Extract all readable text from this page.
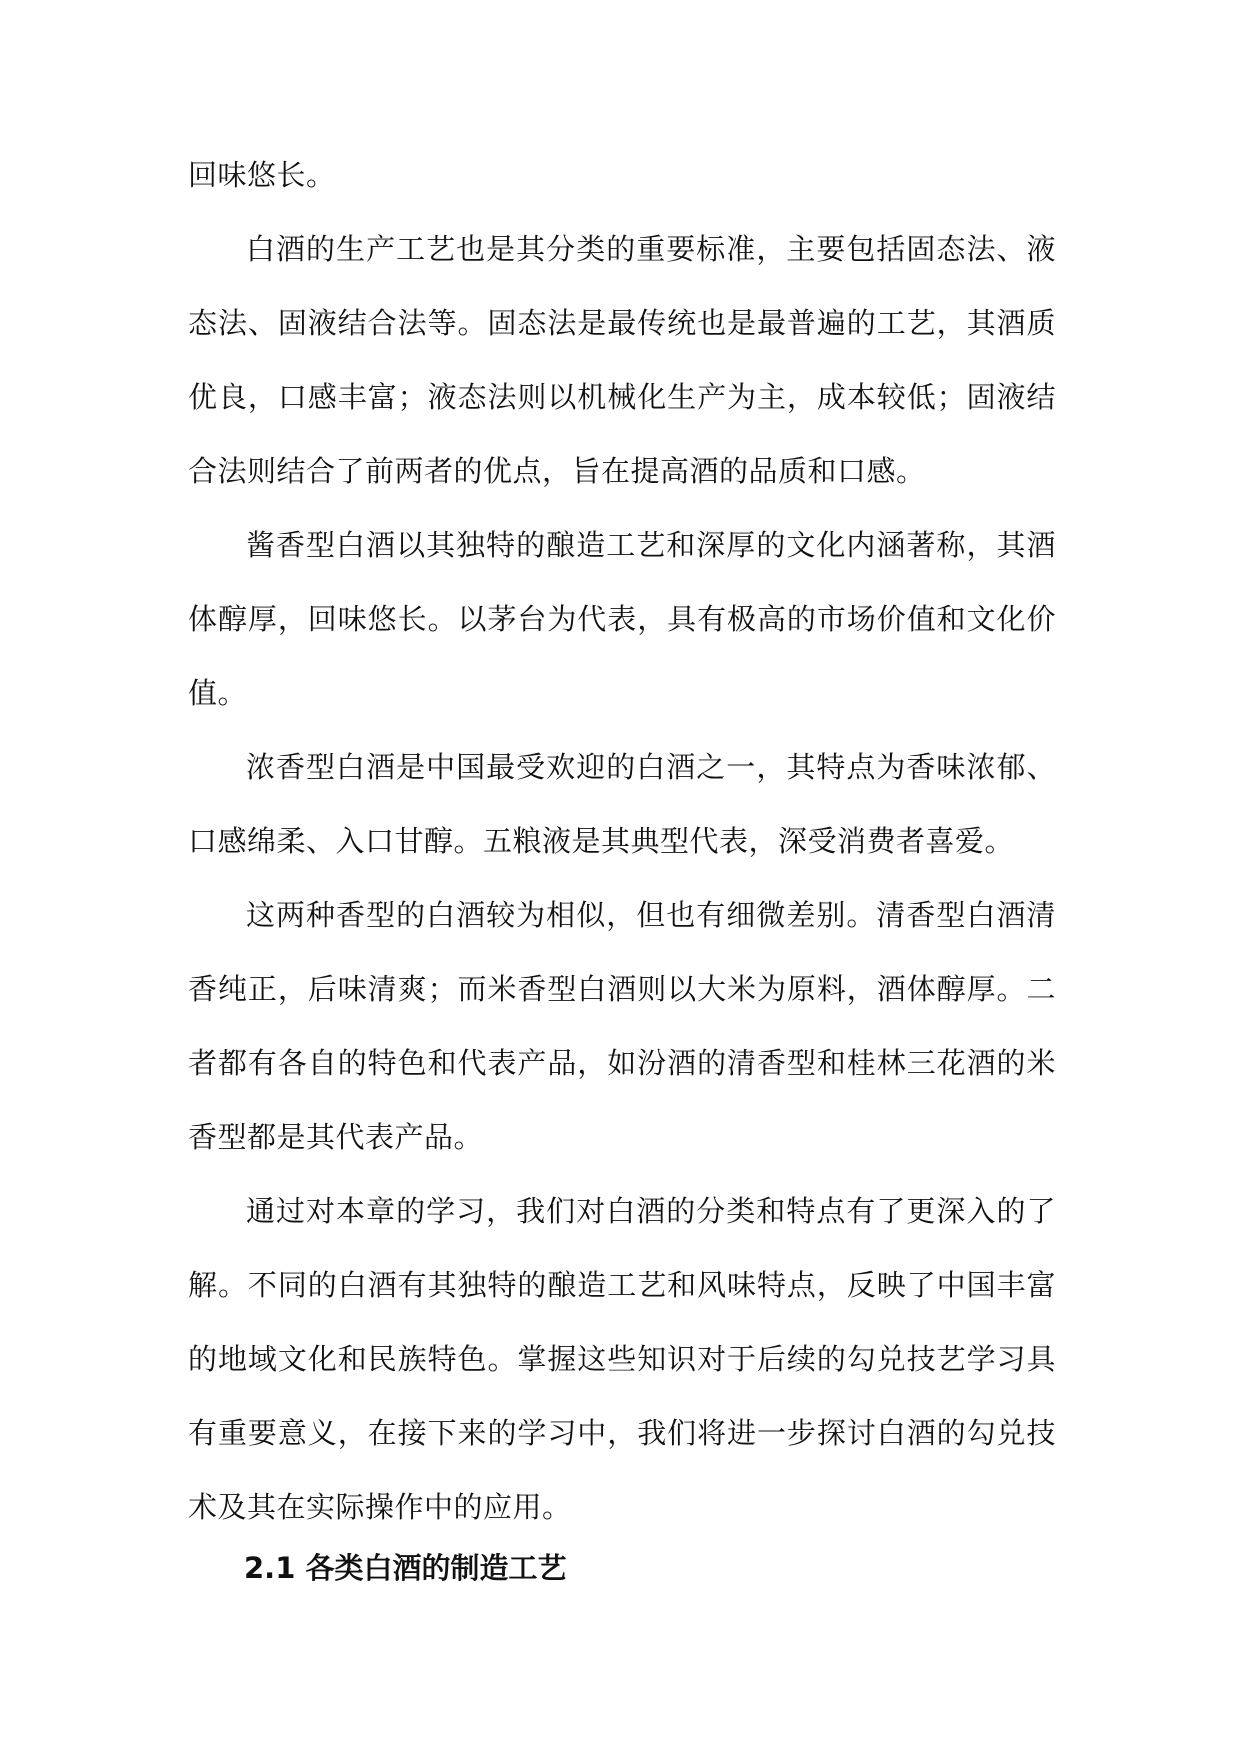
回味悠长。

白酒的生产工艺也是其分类的重要标准，主要包括固态法、液态法、固液结合法等。固态法是最传统也是最普遍的工艺，其酒质优良，口感丰富；液态法则以机械化生产为主，成本较低；固液结合法则结合了前两者的优点，旨在提高酒的品质和口感。

酱香型白酒以其独特的酿造工艺和深厚的文化内涵著称，其酒体醇厚，回味悠长。以茅台为代表，具有极高的市场价值和文化价值。

浓香型白酒是中国最受欢迎的白酒之一，其特点为香味浓郁、口感绵柔、入口甘醇。五粮液是其典型代表，深受消费者喜爱。

这两种香型的白酒较为相似，但也有细微差别。清香型白酒清香纯正，后味清爽；而米香型白酒则以大米为原料，酒体醇厚。二者都有各自的特色和代表产品，如汾酒的清香型和桂林三花酒的米香型都是其代表产品。

通过对本章的学习，我们对白酒的分类和特点有了更深入的了解。不同的白酒有其独特的酿造工艺和风味特点，反映了中国丰富的地域文化和民族特色。掌握这些知识对于后续的勾兑技艺学习具有重要意义，在接下来的学习中，我们将进一步探讨白酒的勾兑技术及其在实际操作中的应用。

2.1 各类白酒的制造工艺
